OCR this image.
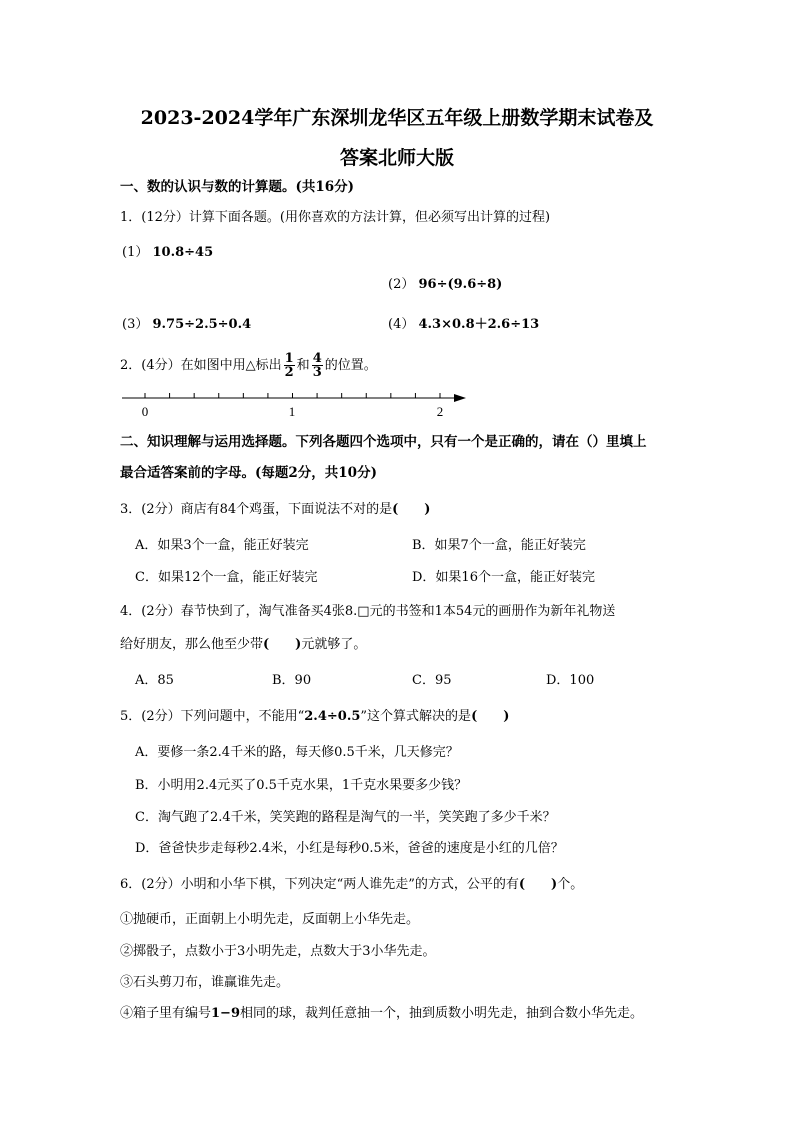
2023-2024学年广东深圳龙华区五年级上册数学期末试卷及
答案北师大版
一、数的认识与数的计算题。(共16分)
1．(12分）计算下面各题。(用你喜欢的方法计算，但必须写出计算的过程)
(1） 10.8÷45
(2） 96÷(9.6÷8)
(3） 9.75÷2.5÷0.4	(4） 4.3×0.8＋2.6÷13
2．(4分）在如图中用△标出 $\frac{1}{2}$ 和 $\frac{4}{3}$ 的位置。
0	1	2
二、知识理解与运用选择题。下列各题四个选项中，只有一个是正确的，请在（）里填上
最合适答案前的字母。(每题2分，共10分)
3．(2分）商店有84个鸡蛋，下面说法不对的是(　　)
A．如果3个一盒，能正好装完	B．如果7个一盒，能正好装完
C．如果12个一盒，能正好装完	D．如果16个一盒，能正好装完
4．(2分）春节快到了，淘气准备买4张8.□元的书签和1本54元的画册作为新年礼物送
给好朋友，那么他至少带(　　)元就够了。
A．85	B．90	C．95	D．100
5．(2分）下列问题中，不能用“2.4÷0.5”这个算式解决的是(　　)
A．要修一条2.4千米的路，每天修0.5千米，几天修完？
B．小明用2.4元买了0.5千克水果，1千克水果要多少钱？
C．淘气跑了2.4千米，笑笑跑的路程是淘气的一半，笑笑跑了多少千米？
D．爸爸快步走每秒2.4米，小红是每秒0.5米，爸爸的速度是小红的几倍？
6．(2分）小明和小华下棋，下列决定“两人谁先走”的方式，公平的有(　　)个。
①抛硬币，正面朝上小明先走，反面朝上小华先走。
②掷骰子，点数小于3小明先走，点数大于3小华先走。
③石头剪刀布，谁赢谁先走。
④箱子里有编号1−9相同的球，裁判任意抽一个，抽到质数小明先走，抽到合数小华先走。
